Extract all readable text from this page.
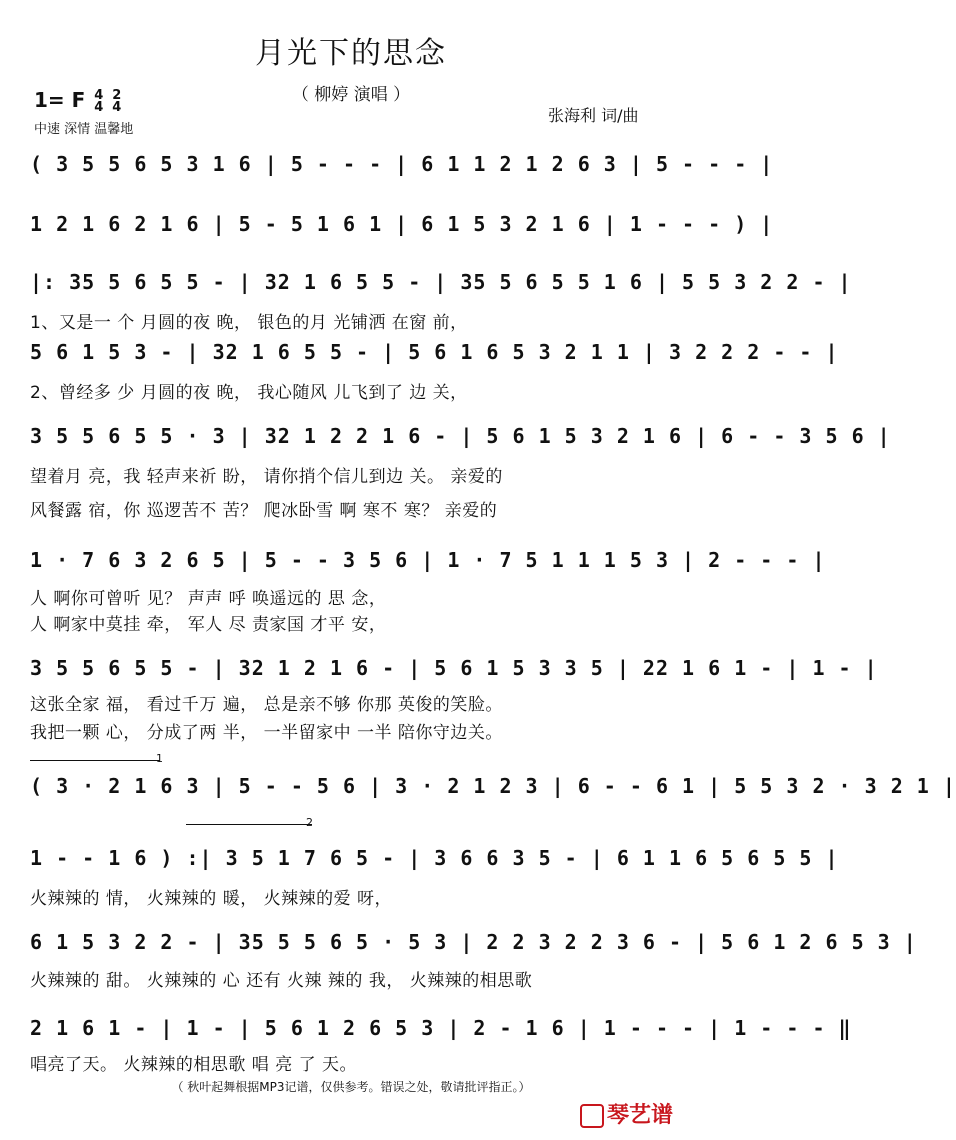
月光下的思念
（ 柳婷 演唱 ）
1= F 4
4

2
4
中速 深情 温馨地
张海利 词/曲
( 3 5 5 6 5 3 1 6 | 5 - - - | 6 1 1 2 1 2 6 3 | 5 - - - |
1 2 1 6 2 1 6 | 5 - 5 1 6 1 | 6 1 5 3 2 1 6 | 1 - - - ) |
|: 35 5 6 5 5 - | 32 1 6 5 5 - | 35 5 6 5 5 1 6 | 5 5 3 2 2 - |
1、又是一 个 月圆的夜 晚， 银色的月 光铺洒 在窗 前，
5 6 1 5 3 - | 32 1 6 5 5 - | 5 6 1 6 5 3 2 1 1 | 3 2 2 2 - - |
2、曾经多 少 月圆的夜 晚， 我心随风 儿飞到了 边 关，
3 5 5 6 5 5 · 3 | 32 1 2 2 1 6 - | 5 6 1 5 3 2 1 6 | 6 - - 3 5 6 |
望着月 亮，我 轻声来祈 盼， 请你捎个信儿到边 关。 亲爱的
风餐露 宿，你 巡逻苦不 苦？ 爬冰卧雪 啊 寒不 寒？ 亲爱的
1 · 7 6 3 2 6 5 | 5 - - 3 5 6 | 1 · 7 5 1 1 1 5 3 | 2 - - - |
人 啊你可曾听 见？ 声声 呼 唤遥远的 思 念，
人 啊家中莫挂 牵， 军人 尽 责家国 才平 安，
3 5 5 6 5 5 - | 32 1 2 1 6 - | 5 6 1 5 3 3 5 | 22 1 6 1 - | 1 - |
这张全家 福， 看过千万 遍， 总是亲不够 你那 英俊的笑脸。
我把一颗 心， 分成了两 半， 一半留家中 一半 陪你守边关。
1
( 3 · 2 1 6 3 | 5 - - 5 6 | 3 · 2 1 2 3 | 6 - - 6 1 | 5 5 3 2 · 3 2 1 |
2
1 - - 1 6 ) :| 3 5 1 7 6 5 - | 3 6 6 3 5 - | 6 1 1 6 5 6 5 5 |
火辣辣的 情， 火辣辣的 暖， 火辣辣的爱 呀，
6 1 5 3 2 2 - | 35 5 5 6 5 · 5 3 | 2 2 3 2 2 3 6 - | 5 6 1 2 6 5 3 |
火辣辣的 甜。 火辣辣的 心 还有 火辣 辣的 我， 火辣辣的相思歌
2 1 6 1 - | 1 - | 5 6 1 2 6 5 3 | 2 - 1 6 | 1 - - - | 1 - - - ‖
唱亮了天。 火辣辣的相思歌 唱 亮 了 天。
（ 秋叶起舞根据MP3记谱，仅供参考。错误之处，敬请批评指正。）
琴艺谱
